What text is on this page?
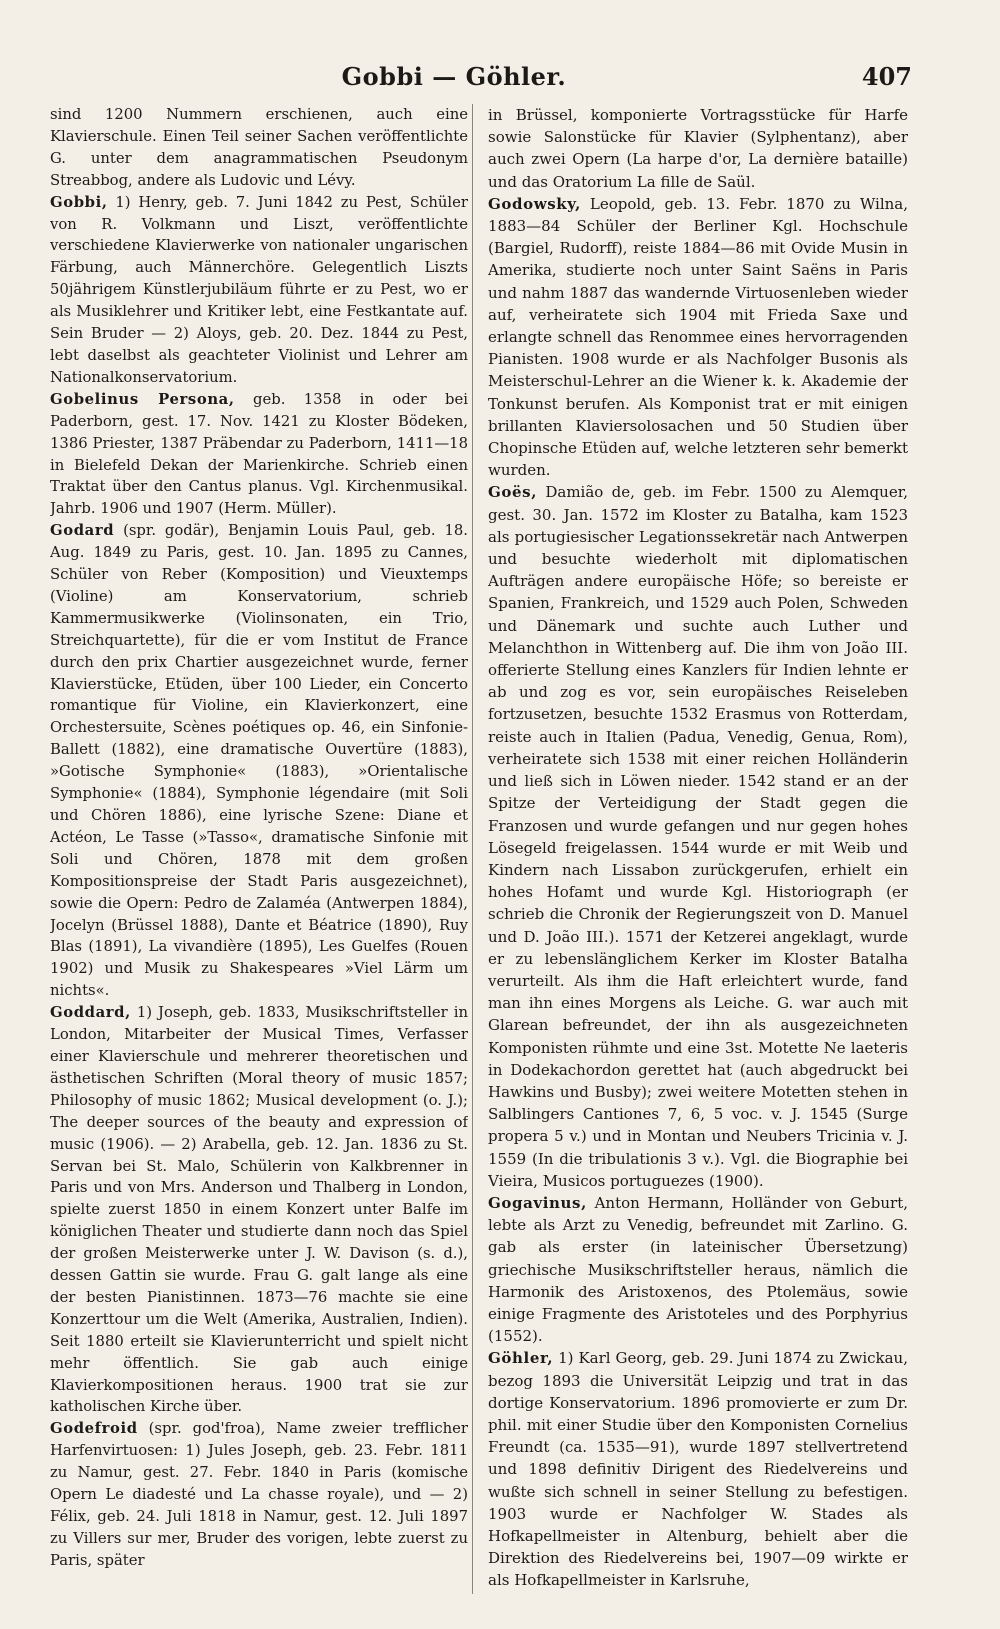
Gobbi — Göhler.	407

sind 1200 Nummern erschienen, auch eine Klavierschule. Einen Teil seiner Sachen veröffentlichte G. unter dem anagrammatischen Pseudonym Streabbog, andere als Ludovic und Lévy.

Gobbi, 1) Henry, geb. 7. Juni 1842 zu Pest, Schüler von R. Volkmann und Liszt, veröffentlichte verschiedene Klavierwerke von nationaler ungarischen Färbung, auch Männerchöre. Gelegentlich Liszts 50jährigem Künstlerjubiläum führte er zu Pest, wo er als Musiklehrer und Kritiker lebt, eine Festkantate auf. Sein Bruder — 2) Aloys, geb. 20. Dez. 1844 zu Pest, lebt daselbst als geachteter Violinist und Lehrer am Nationalkonservatorium.

Gobelinus Persona, geb. 1358 in oder bei Paderborn, gest. 17. Nov. 1421 zu Kloster Bödeken, 1386 Priester, 1387 Präbendar zu Paderborn, 1411—18 in Bielefeld Dekan der Marienkirche. Schrieb einen Traktat über den Cantus planus. Vgl. Kirchenmusikal. Jahrb. 1906 und 1907 (Herm. Müller).

Godard (spr. godär), Benjamin Louis Paul, geb. 18. Aug. 1849 zu Paris, gest. 10. Jan. 1895 zu Cannes, Schüler von Reber (Komposition) und Vieuxtemps (Violine) am Konservatorium, schrieb Kammermusikwerke (Violinsonaten, ein Trio, Streichquartette), für die er vom Institut de France durch den prix Chartier ausgezeichnet wurde, ferner Klavierstücke, Etüden, über 100 Lieder, ein Concerto romantique für Violine, ein Klavierkonzert, eine Orchestersuite, Scènes poétiques op. 46, ein Sinfonie-Ballett (1882), eine dramatische Ouvertüre (1883), »Gotische Symphonie« (1883), »Orientalische Symphonie« (1884), Symphonie légendaire (mit Soli und Chören 1886), eine lyrische Szene: Diane et Actéon, Le Tasse (»Tasso«, dramatische Sinfonie mit Soli und Chören, 1878 mit dem großen Kompositionspreise der Stadt Paris ausgezeichnet), sowie die Opern: Pedro de Zalaméa (Antwerpen 1884), Jocelyn (Brüssel 1888), Dante et Béatrice (1890), Ruy Blas (1891), La vivandière (1895), Les Guelfes (Rouen 1902) und Musik zu Shakespeares »Viel Lärm um nichts«.

Goddard, 1) Joseph, geb. 1833, Musikschriftsteller in London, Mitarbeiter der Musical Times, Verfasser einer Klavierschule und mehrerer theoretischen und ästhetischen Schriften (Moral theory of music 1857; Philosophy of music 1862; Musical development (o. J.); The deeper sources of the beauty and expression of music (1906). — 2) Arabella, geb. 12. Jan. 1836 zu St. Servan bei St. Malo, Schülerin von Kalkbrenner in Paris und von Mrs. Anderson und Thalberg in London, spielte zuerst 1850 in einem Konzert unter Balfe im königlichen Theater und studierte dann noch das Spiel der großen Meisterwerke unter J. W. Davison (s. d.), dessen Gattin sie wurde. Frau G. galt lange als eine der besten Pianistinnen. 1873—76 machte sie eine Konzerttour um die Welt (Amerika, Australien, Indien). Seit 1880 erteilt sie Klavierunterricht und spielt nicht mehr öffentlich. Sie gab auch einige Klavierkompositionen heraus. 1900 trat sie zur katholischen Kirche über.

Godefroid (spr. god'froa), Name zweier trefflicher Harfenvirtuosen: 1) Jules Joseph, geb. 23. Febr. 1811 zu Namur, gest. 27. Febr. 1840 in Paris (komische Opern Le diadesté und La chasse royale), und — 2) Félix, geb. 24. Juli 1818 in Namur, gest. 12. Juli 1897 zu Villers sur mer, Bruder des vorigen, lebte zuerst zu Paris, später

in Brüssel, komponierte Vortragsstücke für Harfe sowie Salonstücke für Klavier (Sylphentanz), aber auch zwei Opern (La harpe d'or, La dernière bataille) und das Oratorium La fille de Saül.

Godowsky, Leopold, geb. 13. Febr. 1870 zu Wilna, 1883—84 Schüler der Berliner Kgl. Hochschule (Bargiel, Rudorff), reiste 1884—86 mit Ovide Musin in Amerika, studierte noch unter Saint Saëns in Paris und nahm 1887 das wandernde Virtuosenleben wieder auf, verheiratete sich 1904 mit Frieda Saxe und erlangte schnell das Renommee eines hervorragenden Pianisten. 1908 wurde er als Nachfolger Busonis als Meisterschul-Lehrer an die Wiener k. k. Akademie der Tonkunst berufen. Als Komponist trat er mit einigen brillanten Klaviersolosachen und 50 Studien über Chopinsche Etüden auf, welche letzteren sehr bemerkt wurden.

Goës, Damião de, geb. im Febr. 1500 zu Alemquer, gest. 30. Jan. 1572 im Kloster zu Batalha, kam 1523 als portugiesischer Legationssekretär nach Antwerpen und besuchte wiederholt mit diplomatischen Aufträgen andere europäische Höfe; so bereiste er Spanien, Frankreich, und 1529 auch Polen, Schweden und Dänemark und suchte auch Luther und Melanchthon in Wittenberg auf. Die ihm von João III. offerierte Stellung eines Kanzlers für Indien lehnte er ab und zog es vor, sein europäisches Reiseleben fortzusetzen, besuchte 1532 Erasmus von Rotterdam, reiste auch in Italien (Padua, Venedig, Genua, Rom), verheiratete sich 1538 mit einer reichen Holländerin und ließ sich in Löwen nieder. 1542 stand er an der Spitze der Verteidigung der Stadt gegen die Franzosen und wurde gefangen und nur gegen hohes Lösegeld freigelassen. 1544 wurde er mit Weib und Kindern nach Lissabon zurückgerufen, erhielt ein hohes Hofamt und wurde Kgl. Historiograph (er schrieb die Chronik der Regierungszeit von D. Manuel und D. João III.). 1571 der Ketzerei angeklagt, wurde er zu lebenslänglichem Kerker im Kloster Batalha verurteilt. Als ihm die Haft erleichtert wurde, fand man ihn eines Morgens als Leiche. G. war auch mit Glarean befreundet, der ihn als ausgezeichneten Komponisten rühmte und eine 3st. Motette Ne laeteris in Dodekachordon gerettet hat (auch abgedruckt bei Hawkins und Busby); zwei weitere Motetten stehen in Salblingers Cantiones 7, 6, 5 voc. v. J. 1545 (Surge propera 5 v.) und in Montan und Neubers Tricinia v. J. 1559 (In die tribulationis 3 v.). Vgl. die Biographie bei Vieira, Musicos portuguezes (1900).

Gogavinus, Anton Hermann, Holländer von Geburt, lebte als Arzt zu Venedig, befreundet mit Zarlino. G. gab als erster (in lateinischer Übersetzung) griechische Musikschriftsteller heraus, nämlich die Harmonik des Aristoxenos, des Ptolemäus, sowie einige Fragmente des Aristoteles und des Porphyrius (1552).

Göhler, 1) Karl Georg, geb. 29. Juni 1874 zu Zwickau, bezog 1893 die Universität Leipzig und trat in das dortige Konservatorium. 1896 promovierte er zum Dr. phil. mit einer Studie über den Komponisten Cornelius Freundt (ca. 1535—91), wurde 1897 stellvertretend und 1898 definitiv Dirigent des Riedelvereins und wußte sich schnell in seiner Stellung zu befestigen. 1903 wurde er Nachfolger W. Stades als Hofkapellmeister in Altenburg, behielt aber die Direktion des Riedelvereins bei, 1907—09 wirkte er als Hofkapellmeister in Karlsruhe,
